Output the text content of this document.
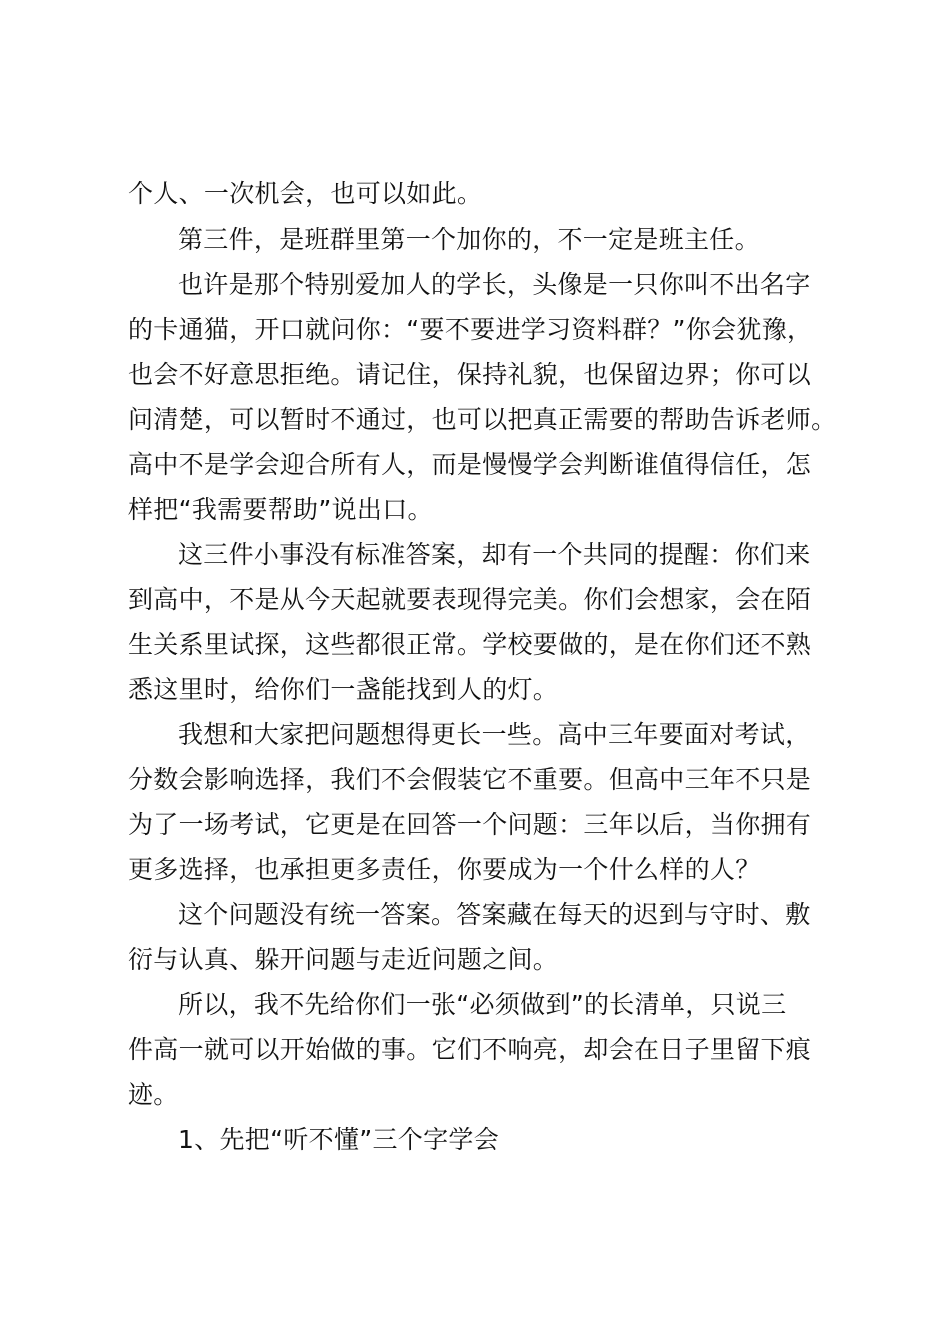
个人、一次机会，也可以如此。
第三件，是班群里第一个加你的，不一定是班主任。
也许是那个特别爱加人的学长，头像是一只你叫不出名字
的卡通猫，开口就问你：“要不要进学习资料群？”你会犹豫，
也会不好意思拒绝。请记住，保持礼貌，也保留边界；你可以
问清楚，可以暂时不通过，也可以把真正需要的帮助告诉老师。
高中不是学会迎合所有人，而是慢慢学会判断谁值得信任，怎
样把“我需要帮助”说出口。
这三件小事没有标准答案，却有一个共同的提醒：你们来
到高中，不是从今天起就要表现得完美。你们会想家，会在陌
生关系里试探，这些都很正常。学校要做的，是在你们还不熟
悉这里时，给你们一盏能找到人的灯。
我想和大家把问题想得更长一些。高中三年要面对考试，
分数会影响选择，我们不会假装它不重要。但高中三年不只是
为了一场考试，它更是在回答一个问题：三年以后，当你拥有
更多选择，也承担更多责任，你要成为一个什么样的人？
这个问题没有统一答案。答案藏在每天的迟到与守时、敷
衍与认真、躲开问题与走近问题之间。
所以，我不先给你们一张“必须做到”的长清单，只说三
件高一就可以开始做的事。它们不响亮，却会在日子里留下痕
迹。
1、先把“听不懂”三个字学会
